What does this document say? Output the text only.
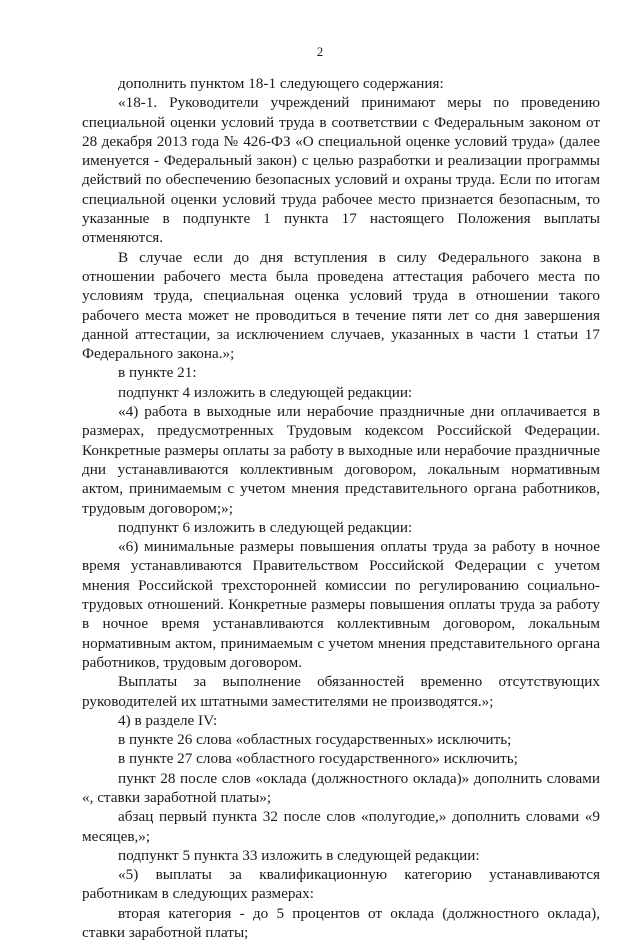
2

дополнить пунктом 18-1 следующего содержания:

«18-1. Руководители учреждений принимают меры по проведению специальной оценки условий труда в соответствии с Федеральным законом от 28 декабря 2013 года № 426-ФЗ «О специальной оценке условий труда» (далее именуется - Федеральный закон) с целью разработки и реализации программы действий по обеспечению безопасных условий и охраны труда. Если по итогам специальной оценки условий труда рабочее место признается безопасным, то указанные в подпункте 1 пункта 17 настоящего Положения выплаты отменяются.

В случае если до дня вступления в силу Федерального закона в отношении рабочего места была проведена аттестация рабочего места по условиям труда, специальная оценка условий труда в отношении такого рабочего места может не проводиться в течение пяти лет со дня завершения данной аттестации, за исключением случаев, указанных в части 1 статьи 17 Федерального закона.»;

в пункте 21:

подпункт 4 изложить в следующей редакции:

«4) работа в выходные или нерабочие праздничные дни оплачивается в размерах, предусмотренных Трудовым кодексом Российской Федерации. Конкретные размеры оплаты за работу в выходные или нерабочие праздничные дни устанавливаются коллективным договором, локальным нормативным актом, принимаемым с учетом мнения представительного органа работников, трудовым договором;»;

подпункт 6 изложить в следующей редакции:

«6) минимальные размеры повышения оплаты труда за работу в ночное время устанавливаются Правительством Российской Федерации с учетом мнения Российской трехсторонней комиссии по регулированию социально-трудовых отношений. Конкретные размеры повышения оплаты труда за работу в ночное время устанавливаются коллективным договором, локальным нормативным актом, принимаемым с учетом мнения представительного органа работников, трудовым договором.

Выплаты за выполнение обязанностей временно отсутствующих руководителей их штатными заместителями не производятся.»;

4) в разделе IV:

в пункте 26 слова «областных государственных» исключить;

в пункте 27 слова «областного государственного» исключить;

пункт 28 после слов «оклада (должностного оклада)» дополнить словами «, ставки заработной платы»;

абзац первый пункта 32 после слов «полугодие,» дополнить словами «9 месяцев,»;

подпункт 5 пункта 33 изложить в следующей редакции:

«5) выплаты за квалификационную категорию устанавливаются работникам в следующих размерах:

вторая категория - до 5 процентов от оклада (должностного оклада), ставки заработной платы;
